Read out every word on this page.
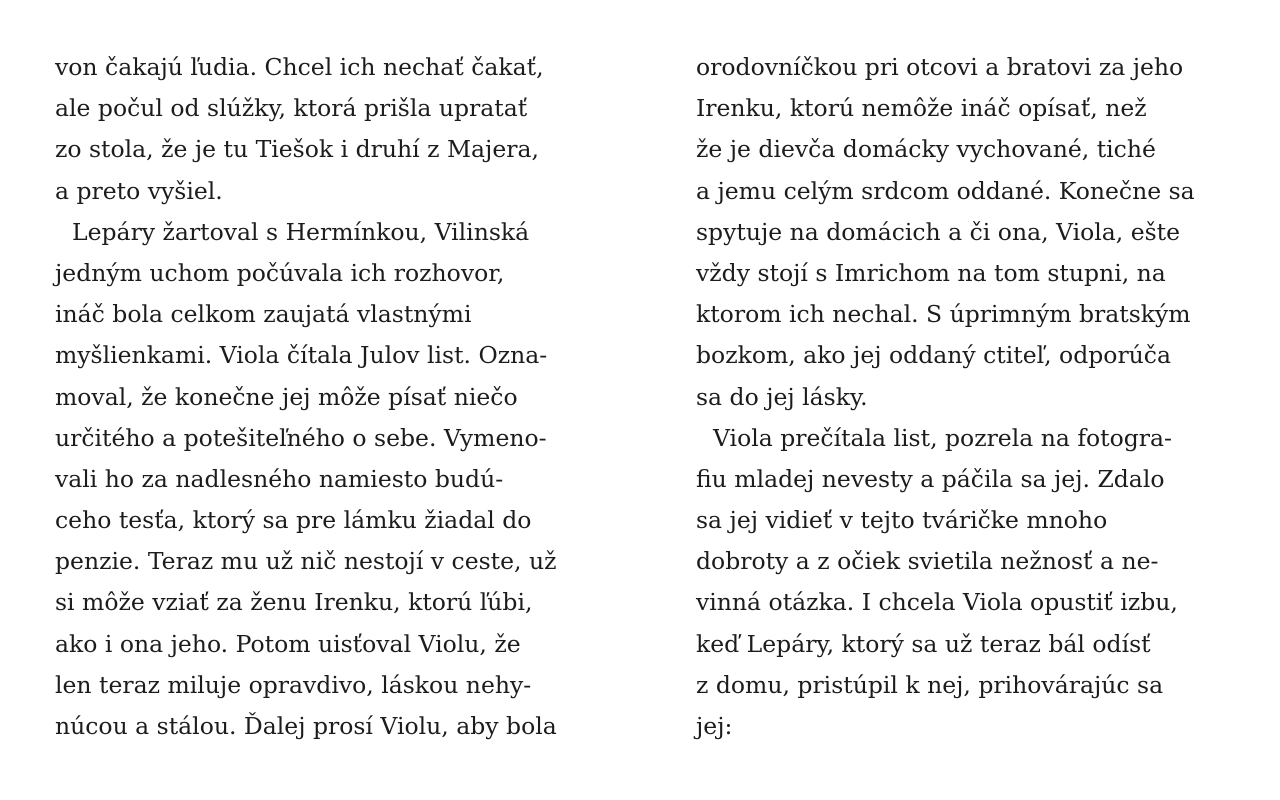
von čakajú ľudia. Chcel ich nechať čakať,
ale počul od slúžky, ktorá prišla upratať
zo stola, že je tu Tiešok i druhí z Majera,
a preto vyšiel.
Lepáry žartoval s Hermínkou, Vilinská
jedným uchom počúvala ich rozhovor,
ináč bola celkom zaujatá vlastnými
myšlienkami. Viola čítala Julov list. Ozna-
moval, že konečne jej môže písať niečo
určitého a potešiteľného o sebe. Vymeno-
vali ho za nadlesného namiesto budú-
ceho tesťa, ktorý sa pre lámku žiadal do
penzie. Teraz mu už nič nestojí v ceste, už
si môže vziať za ženu Irenku, ktorú ľúbi,
ako i ona jeho. Potom uisťoval Violu, že
len teraz miluje opravdivo, láskou nehy-
núcou a stálou. Ďalej prosí Violu, aby bola
orodovníčkou pri otcovi a bratovi za jeho
Irenku, ktorú nemôže ináč opísať, než
že je dievča domácky vychované, tiché
a jemu celým srdcom oddané. Konečne sa
spytuje na domácich a či ona, Viola, ešte
vždy stojí s Imrichom na tom stupni, na
ktorom ich nechal. S úprimným bratským
bozkom, ako jej oddaný ctiteľ, odporúča
sa do jej lásky.
Viola prečítala list, pozrela na fotogra-
fiu mladej nevesty a páčila sa jej. Zdalo
sa jej vidieť v tejto tváričke mnoho
dobroty a z očiek svietila nežnosť a ne-
vinná otázka. I chcela Viola opustiť izbu,
keď Lepáry, ktorý sa už teraz bál odísť
z domu, pristúpil k nej, prihovárajúc sa
jej:
